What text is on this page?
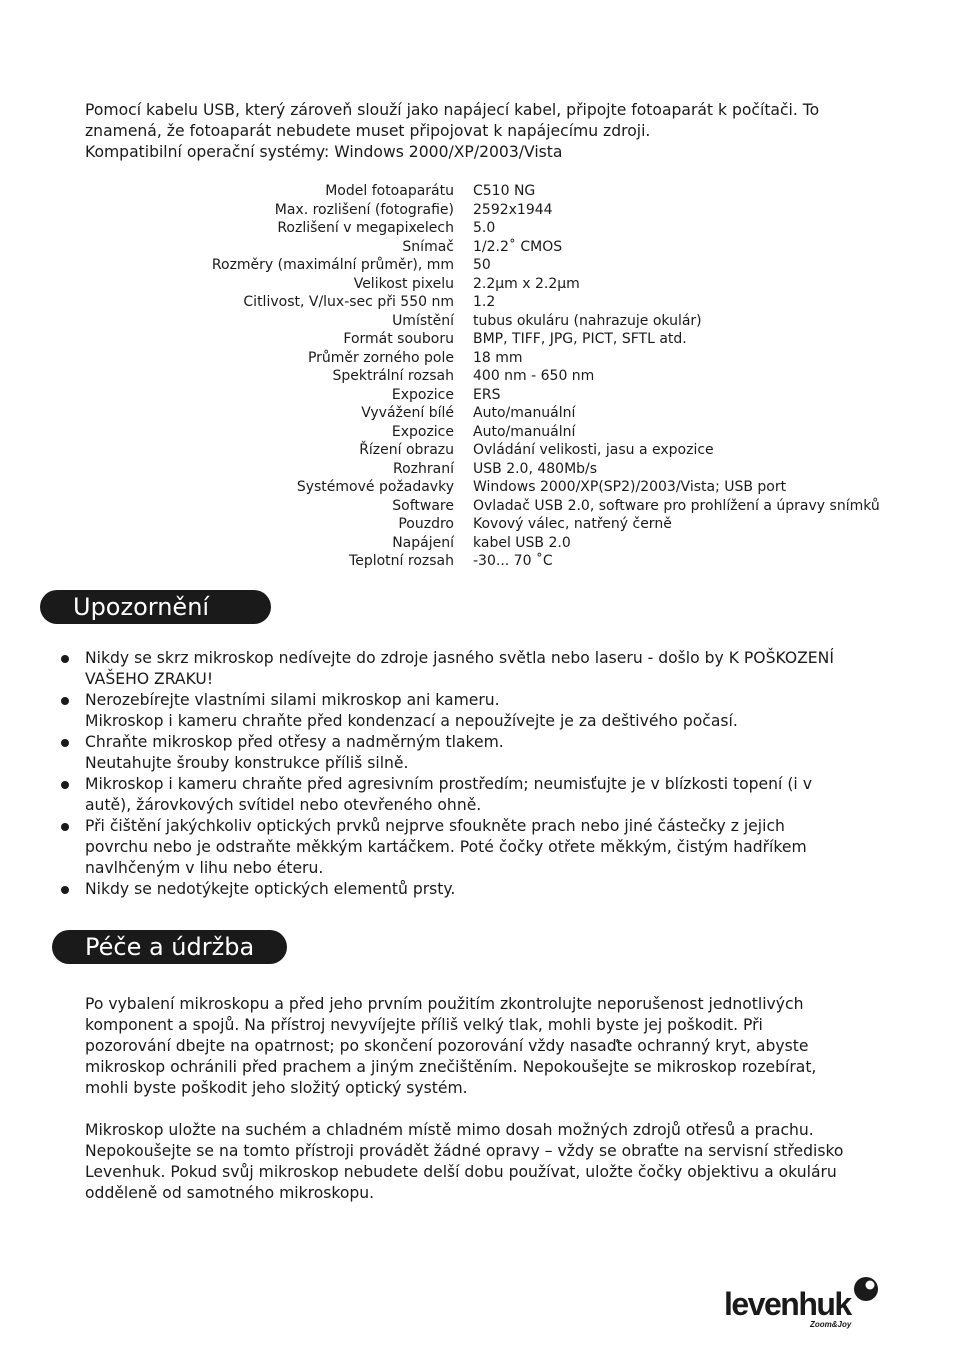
Pomocí kabelu USB, který zároveň slouží jako napájecí kabel, připojte fotoaparát k počítači. To

znamená, že fotoaparát nebudete muset připojovat k napájecímu zdroji.

Kompatibilní operační systémy: Windows 2000/XP/2003/Vista

Model fotoaparátu C510 NG
Max. rozlišení (fotografie) 2592x1944
Rozlišení v megapixelech 5.0
Snímač 1/2.2˚ CMOS
Rozměry (maximální průměr), mm 50
Velikost pixelu 2.2μm x 2.2μm
Citlivost, V/lux-sec při 550 nm 1.2
Umístění tubus okuláru (nahrazuje okulár)
Formát souboru BMP, TIFF, JPG, PICT, SFTL atd.
Průměr zorného pole 18 mm
Spektrální rozsah 400 nm - 650 nm
Expozice ERS
Vyvážení bílé Auto/manuální
Expozice Auto/manuální
Řízení obrazu Ovládání velikosti, jasu a expozice
Rozhraní USB 2.0, 480Mb/s
Systémové požadavky Windows 2000/XP(SP2)/2003/Vista; USB port
Software Ovladač USB 2.0, software pro prohlížení a úpravy snímků
Pouzdro Kovový válec, natřený černě
Napájení kabel USB 2.0
Teplotní rozsah -30... 70 ˚C
Upozornění
Nikdy se skrz mikroskop nedívejte do zdroje jasného světla nebo laseru - došlo by K POŠKOZENÍ
VAŠEHO ZRAKU!
Nerozebírejte vlastními silami mikroskop ani kameru.
Mikroskop i kameru chraňte před kondenzací a nepoužívejte je za deštivého počasí.
Chraňte mikroskop před otřesy a nadměrným tlakem.
Neutahujte šrouby konstrukce příliš silně.
Mikroskop i kameru chraňte před agresivním prostředím; neumisťujte je v blízkosti topení (i v
autě), žárovkových svítidel nebo otevřeného ohně.
Při čištění jakýchkoliv optických prvků nejprve sfoukněte prach nebo jiné částečky z jejich
povrchu nebo je odstraňte měkkým kartáčkem. Poté čočky otřete měkkým, čistým hadříkem
navlhčeným v lihu nebo éteru.
Nikdy se nedotýkejte optických elementů prsty.
Péče a údržba

Po vybalení mikroskopu a před jeho prvním použitím zkontrolujte neporušenost jednotlivých
komponent a spojů. Na přístroj nevyvíjejte příliš velký tlak, mohli byste jej poškodit. Při
pozorování dbejte na opatrnost; po skončení pozorování vždy nasaďte ochranný kryt, abyste
mikroskop ochránili před prachem a jiným znečištěním. Nepokoušejte se mikroskop rozebírat,
mohli byste poškodit jeho složitý optický systém.

Mikroskop uložte na suchém a chladném místě mimo dosah možných zdrojů otřesů a prachu.
Nepokoušejte se na tomto přístroji provádět žádné opravy – vždy se obraťte na servisní středisko
Levenhuk. Pokud svůj mikroskop nebudete delší dobu používat, uložte čočky objektivu a okuláru
odděleně od samotného mikroskopu.

levenhuk
Zoom&Joy
